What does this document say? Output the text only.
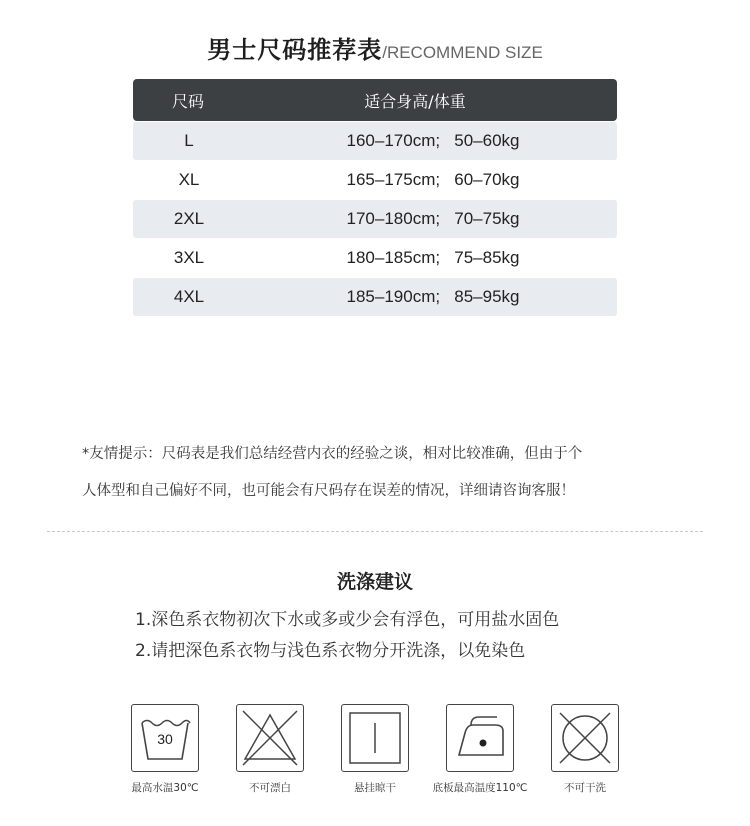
男士尺码推荐表/RECOMMEND SIZE
尺码	适合身高/体重
L	160–170cm;   50–60kg
XL	165–175cm;   60–70kg
2XL	170–180cm;   70–75kg
3XL	180–185cm;   75–85kg
4XL	185–190cm;   85–95kg
*友情提示：尺码表是我们总结经营内衣的经验之谈，相对比较准确，但由于个
人体型和自己偏好不同，也可能会有尺码存在误差的情况，详细请咨询客服！
洗涤建议
1.深色系衣物初次下水或多或少会有浮色，可用盐水固色
2.请把深色系衣物与浅色系衣物分开洗涤，以免染色
30
最高水温30℃	不可漂白	悬挂晾干	底板最高温度110℃	不可干洗
